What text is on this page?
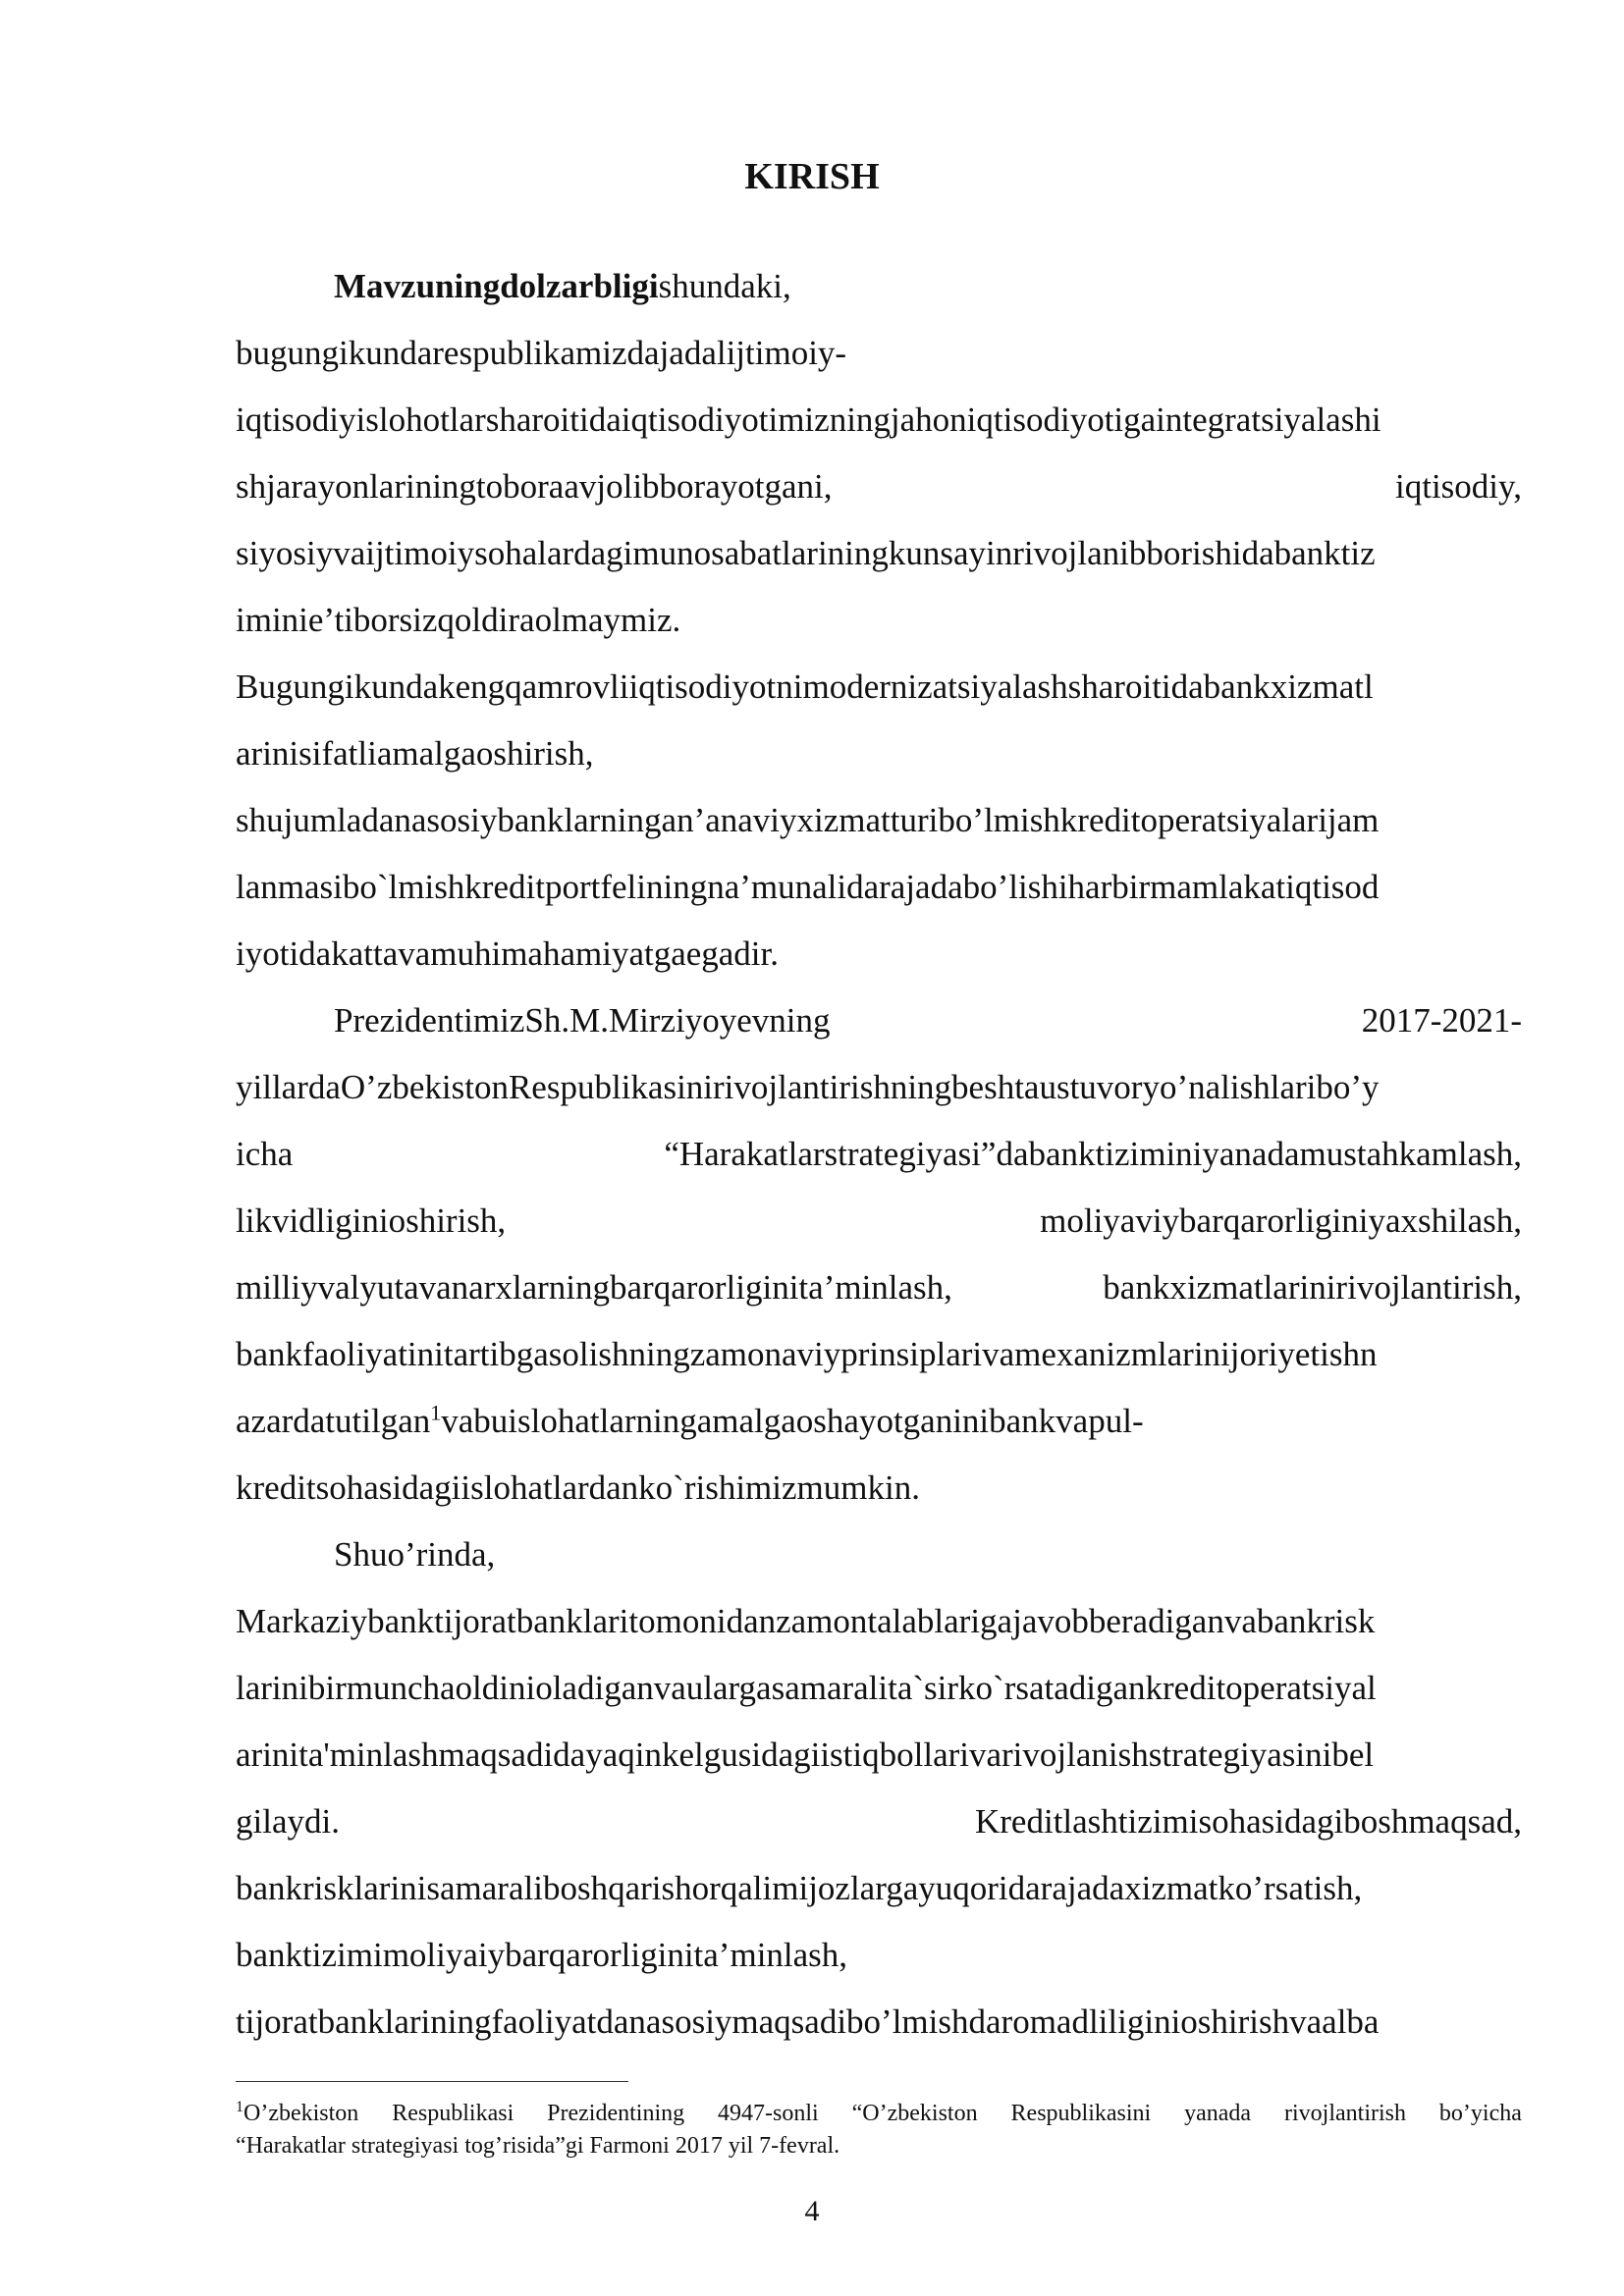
KIRISH
Mavzuningdolzarbligishundaki,
bugungikundarespublikamizdajadalijtimoiy-
iqtisodiyislohotlarsharoitidaiqtisodiyotimizningjahoniqtisodiyotigaintegratsiyalashi
shjarayonlariningtoboraavjolibborayotgani,	iqtisodiy,
siyosiyvaijtimoiysohalardagimunosabatlariningkunsayinrivojlanibborishidabanktiz
iminie’tiborsizqoldiraolmaymiz.
Bugungikundakengqamrovliiqtisodiyotnimodernizatsiyalashsharoitidabankxizmatl
arinisifatliamalgaoshirish,
shujumladanasosiybanklarningan’anaviyxizmatturibo’lmishkreditoperatsiyalarijam
lanmasibo`lmishkreditportfeliningna’munalidarajadabo’lishiharbirmamlakatiqtisod
iyotidakattavamuhimahamiyatgaegadir.
PrezidentimizSh.M.Mirziyoyevning	2017-2021-
yillardaO’zbekistonRespublikasinirivojlantirishningbeshtaustuvoryo’nalishlaribo’y
icha	“Harakatlarstrategiyasi”dabanktiziminiyanadamustahkamlash,
likvidliginioshirish,	moliyaviybarqarorliginiyaxshilash,
milliyvalyutavanarxlarningbarqarorliginita’minlash,	bankxizmatlarinirivojlantirish,
bankfaoliyatinitartibgasolishningzamonaviyprinsiplarivamexanizmlarinijoriyetishn
azardatutilgan$^1$vabuislohatlarningamalgaoshayotganinibankvapul-
kreditsohasidagiislohatlardanko`rishimizmumkin.
Shuo’rinda,
Markaziybanktijoratbanklaritomonidanzamontalablarigajavobberadiganvabankrisk
larinibirmunchaoldinioladiganvaulargasamaralita`sirko`rsatadigankreditoperatsiyal
arinita'minlashmaqsadidayaqinkelgusidagiistiqbollarivarivojlanishstrategiyasinibel
gilaydi.	Kreditlashtizimisohasidagiboshmaqsad,
bankrisklarinisamaraliboshqarishorqalimijozlargayuqoridarajadaxizmatko’rsatish,
banktizimimoliyaiybarqarorliginita’minlash,
tijoratbanklariningfaoliyatdanasosiymaqsadibo’lmishdaromadliliginioshirishvaalba
$^1$O’zbekiston Respublikasi Prezidentining 4947-sonli “O’zbekiston Respublikasini yanada rivojlantirish bo’yicha
“Harakatlar strategiyasi tog’risida”gi Farmoni 2017 yil 7-fevral.
4
